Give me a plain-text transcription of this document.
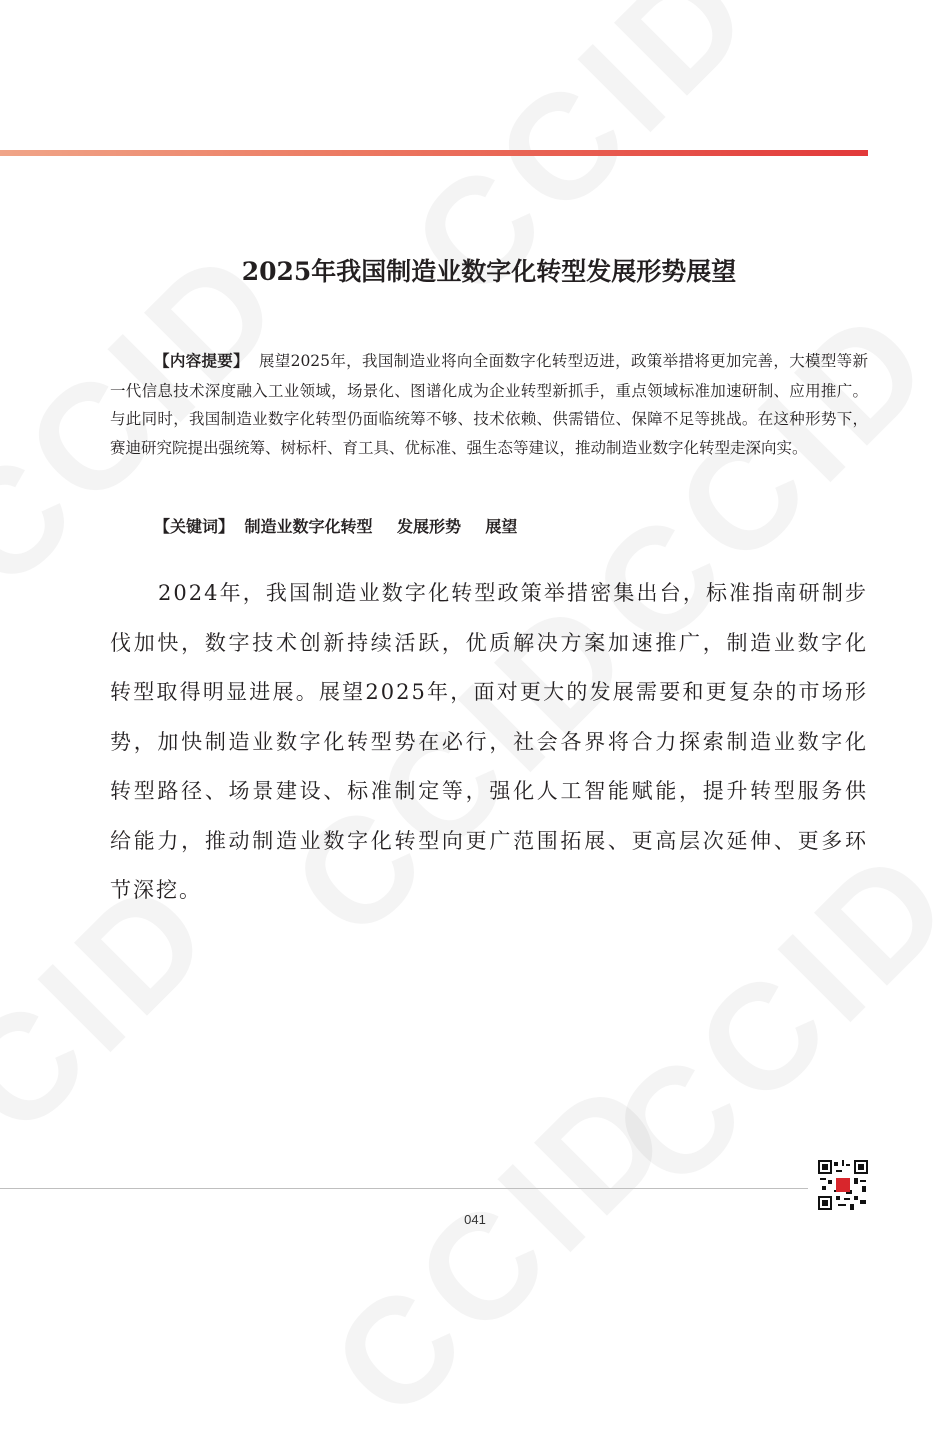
2025年我国制造业数字化转型发展形势展望
【内容提要】 展望2025年，我国制造业将向全面数字化转型迈进，政策举措将更加完善，大模型等新一代信息技术深度融入工业领域，场景化、图谱化成为企业转型新抓手，重点领域标准加速研制、应用推广。与此同时，我国制造业数字化转型仍面临统筹不够、技术依赖、供需错位、保障不足等挑战。在这种形势下，赛迪研究院提出强统筹、树标杆、育工具、优标准、强生态等建议，推动制造业数字化转型走深向实。
【关键词】 制造业数字化转型 发展形势 展望

2024年，我国制造业数字化转型政策举措密集出台，标准指南研制步伐加快，数字技术创新持续活跃，优质解决方案加速推广，制造业数字化转型取得明显进展。展望2025年，面对更大的发展需要和更复杂的市场形势，加快制造业数字化转型势在必行，社会各界将合力探索制造业数字化转型路径、场景建设、标准制定等，强化人工智能赋能，提升转型服务供给能力，推动制造业数字化转型向更广范围拓展、更高层次延伸、更多环节深挖。

041
